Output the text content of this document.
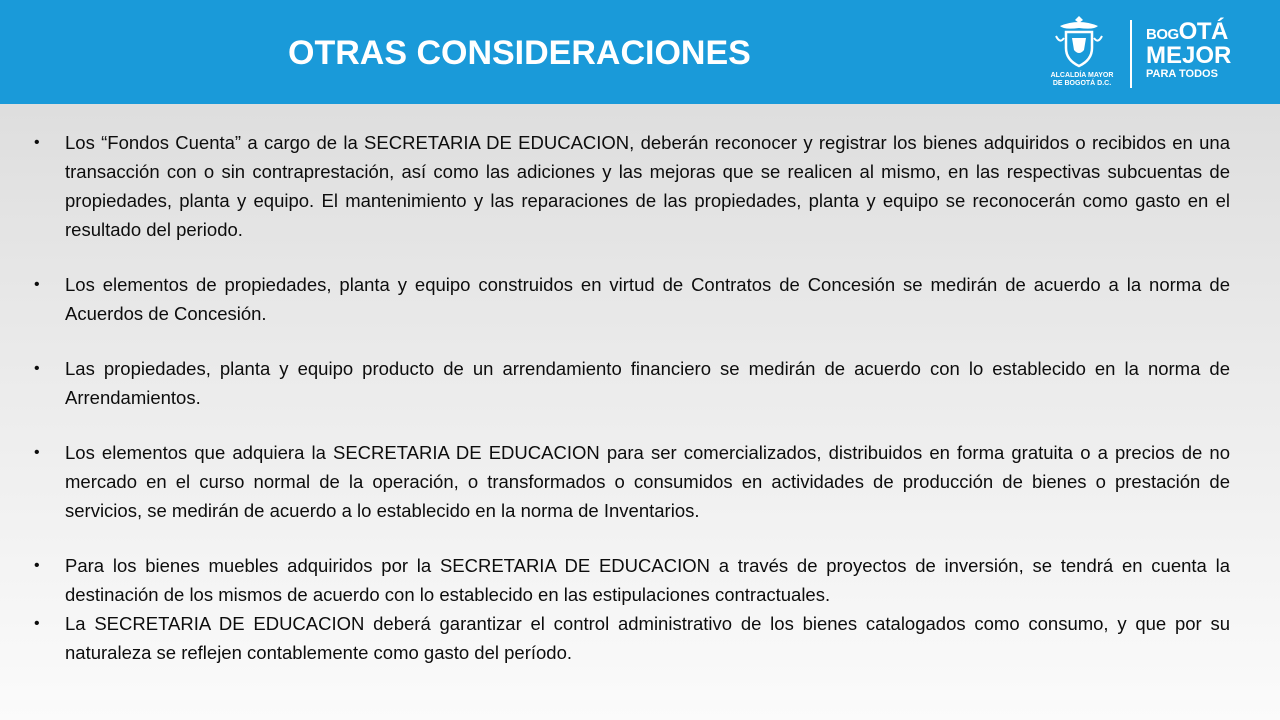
OTRAS CONSIDERACIONES
ALCALDÍA MAYOR DE BOGOTÁ D.C.
BOGOTÁ
MEJOR
PARA TODOS
• Los “Fondos Cuenta” a cargo de la SECRETARIA DE EDUCACION, deberán reconocer y registrar los bienes adquiridos o recibidos en una transacción con o sin contraprestación, así como las adiciones y las mejoras que se realicen al mismo, en las respectivas subcuentas de propiedades, planta y equipo. El mantenimiento y las reparaciones de las propiedades, planta y equipo se reconocerán como gasto en el resultado del periodo.
• Los elementos de propiedades, planta y equipo construidos en virtud de Contratos de Concesión se medirán de acuerdo a la norma de Acuerdos de Concesión.
• Las propiedades, planta y equipo producto de un arrendamiento financiero se medirán de acuerdo con lo establecido en la norma de Arrendamientos.
• Los elementos que adquiera la SECRETARIA DE EDUCACION para ser comercializados, distribuidos en forma gratuita o a precios de no mercado en el curso normal de la operación, o transformados o consumidos en actividades de producción de bienes o prestación de servicios, se medirán de acuerdo a lo establecido en la norma de Inventarios.
• Para los bienes muebles adquiridos por la SECRETARIA DE EDUCACION a través de proyectos de inversión, se tendrá en cuenta la destinación de los mismos de acuerdo con lo establecido en las estipulaciones contractuales.
• La SECRETARIA DE EDUCACION deberá garantizar el control administrativo de los bienes catalogados como consumo, y que por su naturaleza se reflejen contablemente como gasto del período.
